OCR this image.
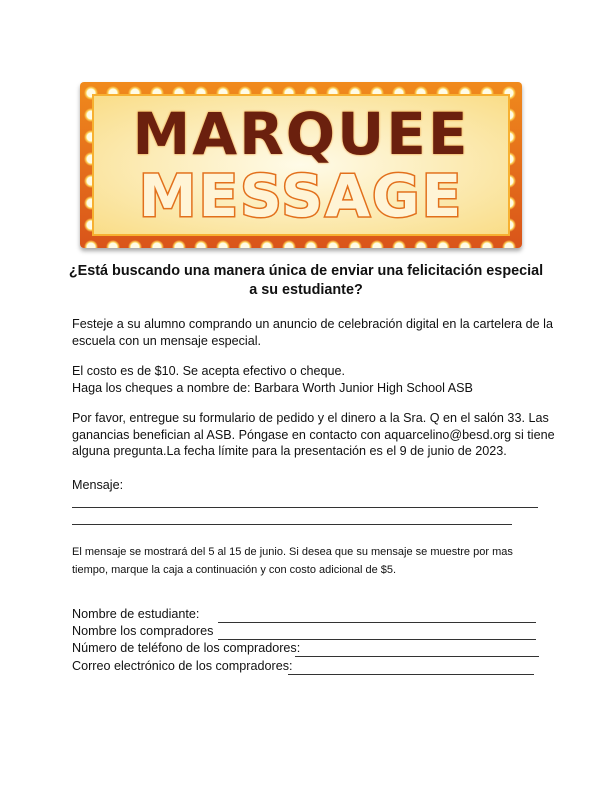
MARQUEE
MESSAGE
¿Está buscando una manera única de enviar una felicitación especial
a su estudiante?
Festeje a su alumno comprando un anuncio de celebración digital en la cartelera de la
escuela con un mensaje especial.
El costo es de $10. Se acepta efectivo o cheque.
Haga los cheques a nombre de: Barbara Worth Junior High School ASB
Por favor, entregue su formulario de pedido y el dinero a la Sra. Q en el salón 33. Las
ganancias benefician al ASB. Póngase en contacto con aquarcelino@besd.org si tiene
alguna pregunta.La fecha límite para la presentación es el 9 de junio de 2023.
Mensaje:
El mensaje se mostrará del 5 al 15 de junio. Si desea que su mensaje se muestre por mas
tiempo, marque la caja a continuación y con costo adicional de $5.
Nombre de estudiante:
Nombre los compradores
Número de teléfono de los compradores:
Correo electrónico de los compradores:
